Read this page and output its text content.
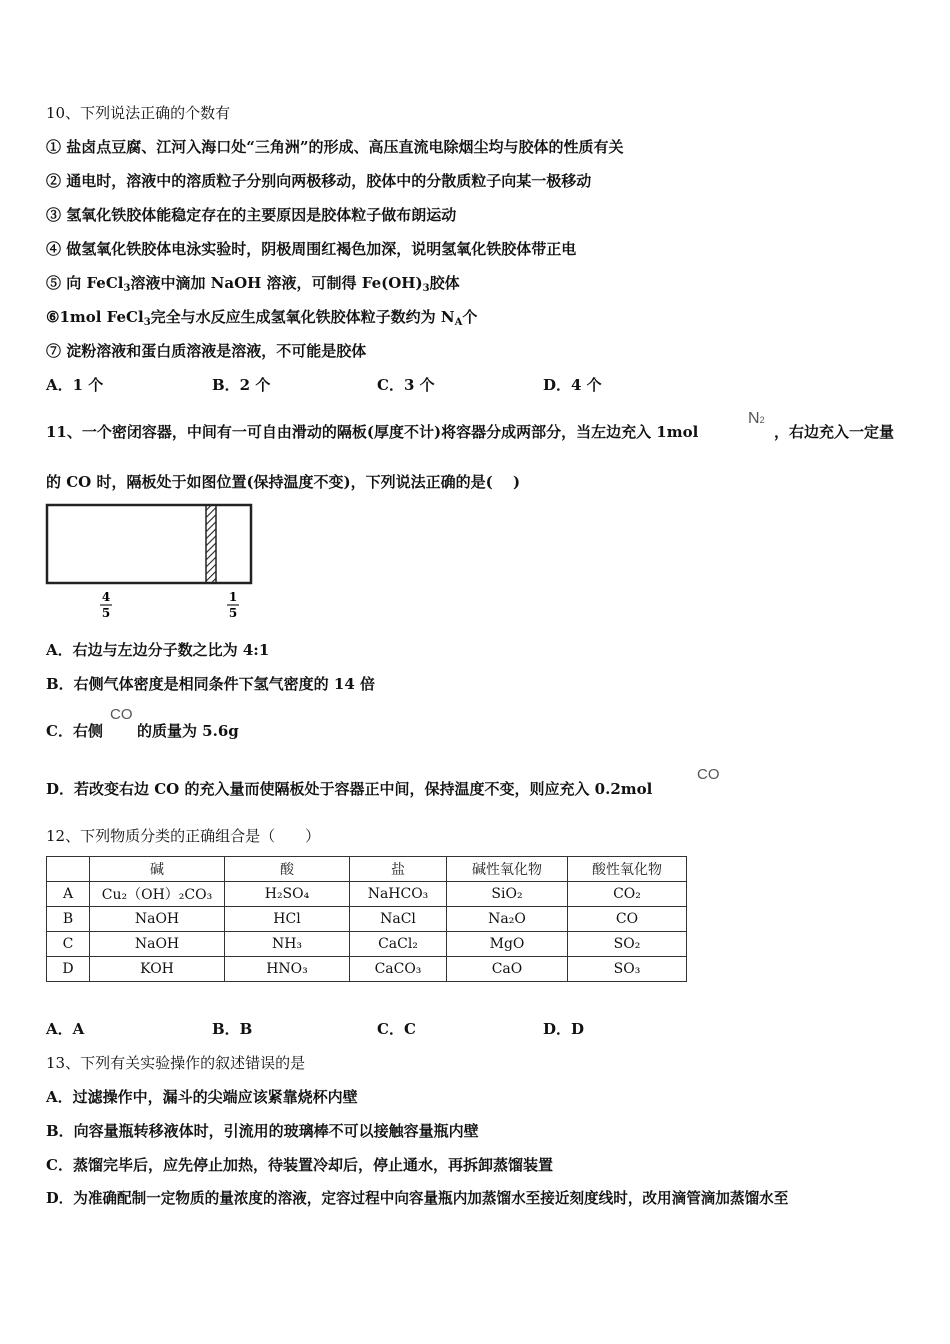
10、下列说法正确的个数有
① 盐卤点豆腐、江河入海口处“三角洲”的形成、高压直流电除烟尘均与胶体的性质有关
② 通电时，溶液中的溶质粒子分别向两极移动，胶体中的分散质粒子向某一极移动
③ 氢氧化铁胶体能稳定存在的主要原因是胶体粒子做布朗运动
④ 做氢氧化铁胶体电泳实验时，阴极周围红褐色加深，说明氢氧化铁胶体带正电
⑤ 向 FeCl$_3$溶液中滴加 NaOH 溶液，可制得 $Fe(OH)_3$胶体
⑥1mol FeCl$_3$完全与水反应生成氢氧化铁胶体粒子数约为 $N_A$个
⑦ 淀粉溶液和蛋白质溶液是溶液，不可能是胶体
A．1 个	B．2 个	C．3 个	D．4 个
11、一个密闭容器，中间有一可自由滑动的隔板(厚度不计)将容器分成两部分，当左边充入 1mol
N2
，右边充入一定量
的 CO 时，隔板处于如图位置(保持温度不变)，下列说法正确的是(　 )
4
5
1
5
A．右边与左边分子数之比为 4:1
B．右侧气体密度是相同条件下氢气密度的 14 倍
C．右侧 的质量为 5.6g
CO
D．若改变右边 CO 的充入量而使隔板处于容器正中间，保持温度不变，则应充入 0.2mol
CO
12、下列物质分类的正确组合是（　　）
	碱	酸	盐	碱性氧化物	酸性氧化物
A	Cu₂（OH）₂CO₃	H₂SO₄	NaHCO₃	SiO₂	CO₂
B	NaOH	HCl	NaCl	Na₂O	CO
C	NaOH	NH₃	CaCl₂	MgO	SO₂
D	KOH	HNO₃	CaCO₃	CaO	SO₃
A．A	B．B	C．C	D．D
13、下列有关实验操作的叙述错误的是
A．过滤操作中，漏斗的尖端应该紧靠烧杯内壁
B．向容量瓶转移液体时，引流用的玻璃棒不可以接触容量瓶内壁
C．蒸馏完毕后，应先停止加热，待装置冷却后，停止通水，再拆卸蒸馏装置
D．为准确配制一定物质的量浓度的溶液，定容过程中向容量瓶内加蒸馏水至接近刻度线时，改用滴管滴加蒸馏水至
